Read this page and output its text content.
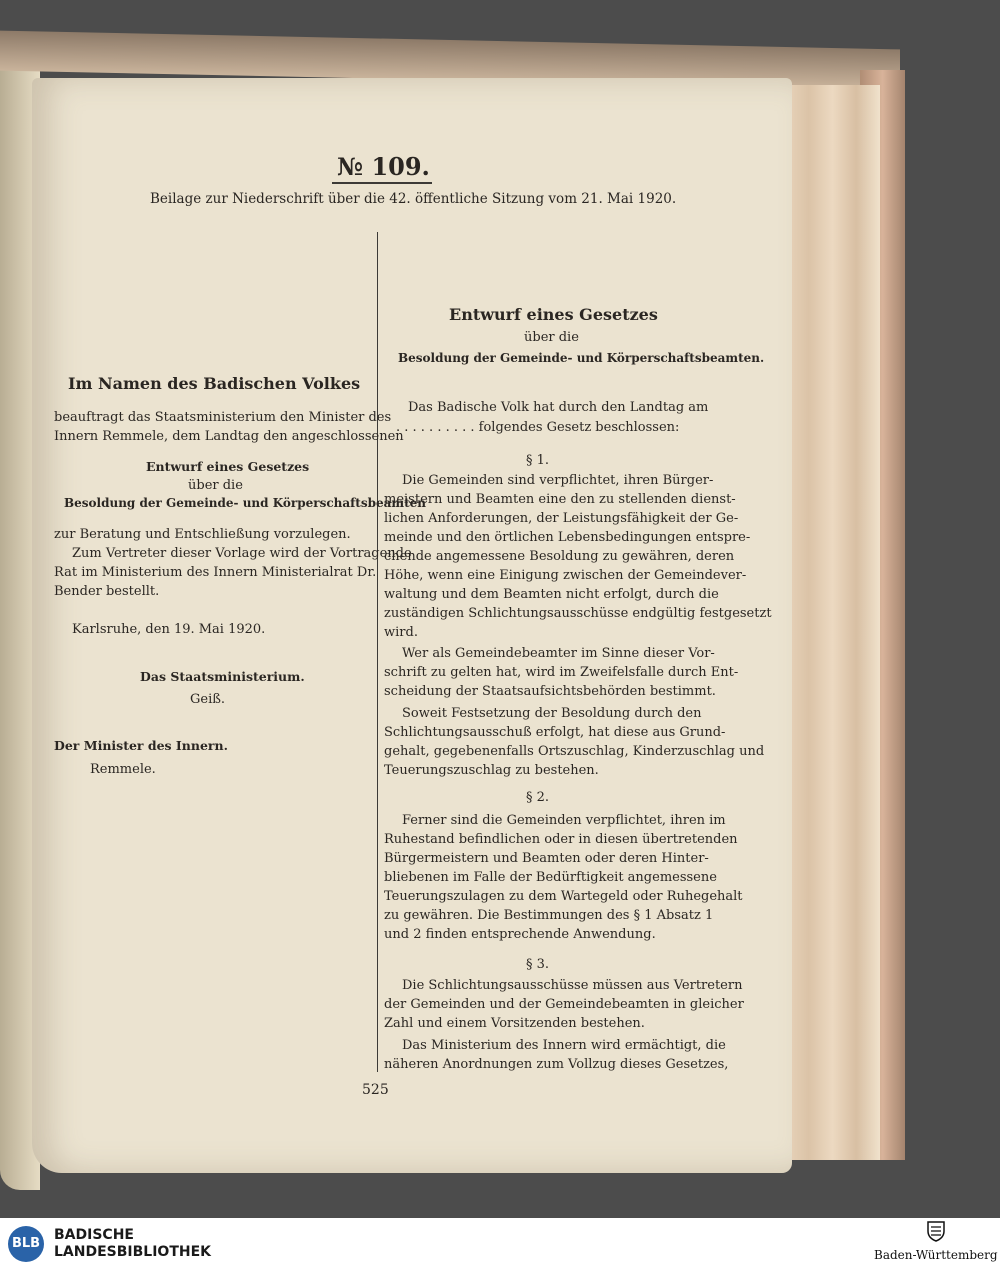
№ 109.
Beilage zur Niederschrift über die 42. öffentliche Sitzung vom 21. Mai 1920.
Im Namen des Badischen Volkes
beauftragt das Staatsministerium den Minister des
Innern Remmele, dem Landtag den angeschlossenen
Entwurf eines Gesetzes
über die
Besoldung der Gemeinde- und Körperschaftsbeamten
zur Beratung und Entschließung vorzulegen.
Zum Vertreter dieser Vorlage wird der Vortragende
Rat im Ministerium des Innern Ministerialrat Dr.
Bender bestellt.
Karlsruhe, den 19. Mai 1920.
Das Staatsministerium.
Geiß.
Der Minister des Innern.
Remmele.
Entwurf eines Gesetzes
über die
Besoldung der Gemeinde- und Körperschaftsbeamten.
Das Badische Volk hat durch den Landtag am
. . . . . . . . . . folgendes Gesetz beschlossen:
§ 1.
Die Gemeinden sind verpflichtet, ihren Bürger-
meistern und Beamten eine den zu stellenden dienst-
lichen Anforderungen, der Leistungsfähigkeit der Ge-
meinde und den örtlichen Lebensbedingungen entspre-
chende angemessene Besoldung zu gewähren, deren
Höhe, wenn eine Einigung zwischen der Gemeindever-
waltung und dem Beamten nicht erfolgt, durch die
zuständigen Schlichtungsausschüsse endgültig festgesetzt
wird.
Wer als Gemeindebeamter im Sinne dieser Vor-
schrift zu gelten hat, wird im Zweifelsfalle durch Ent-
scheidung der Staatsaufsichtsbehörden bestimmt.
Soweit Festsetzung der Besoldung durch den
Schlichtungsausschuß erfolgt, hat diese aus Grund-
gehalt, gegebenenfalls Ortszuschlag, Kinderzuschlag und
Teuerungszuschlag zu bestehen.
§ 2.
Ferner sind die Gemeinden verpflichtet, ihren im
Ruhestand befindlichen oder in diesen übertretenden
Bürgermeistern und Beamten oder deren Hinter-
bliebenen im Falle der Bedürftigkeit angemessene
Teuerungszulagen zu dem Wartegeld oder Ruhegehalt
zu gewähren. Die Bestimmungen des § 1 Absatz 1
und 2 finden entsprechende Anwendung.
§ 3.
Die Schlichtungsausschüsse müssen aus Vertretern
der Gemeinden und der Gemeindebeamten in gleicher
Zahl und einem Vorsitzenden bestehen.
Das Ministerium des Innern wird ermächtigt, die
näheren Anordnungen zum Vollzug dieses Gesetzes,
525
BLB
BADISCHE
LANDESBIBLIOTHEK	Baden-Württemberg
